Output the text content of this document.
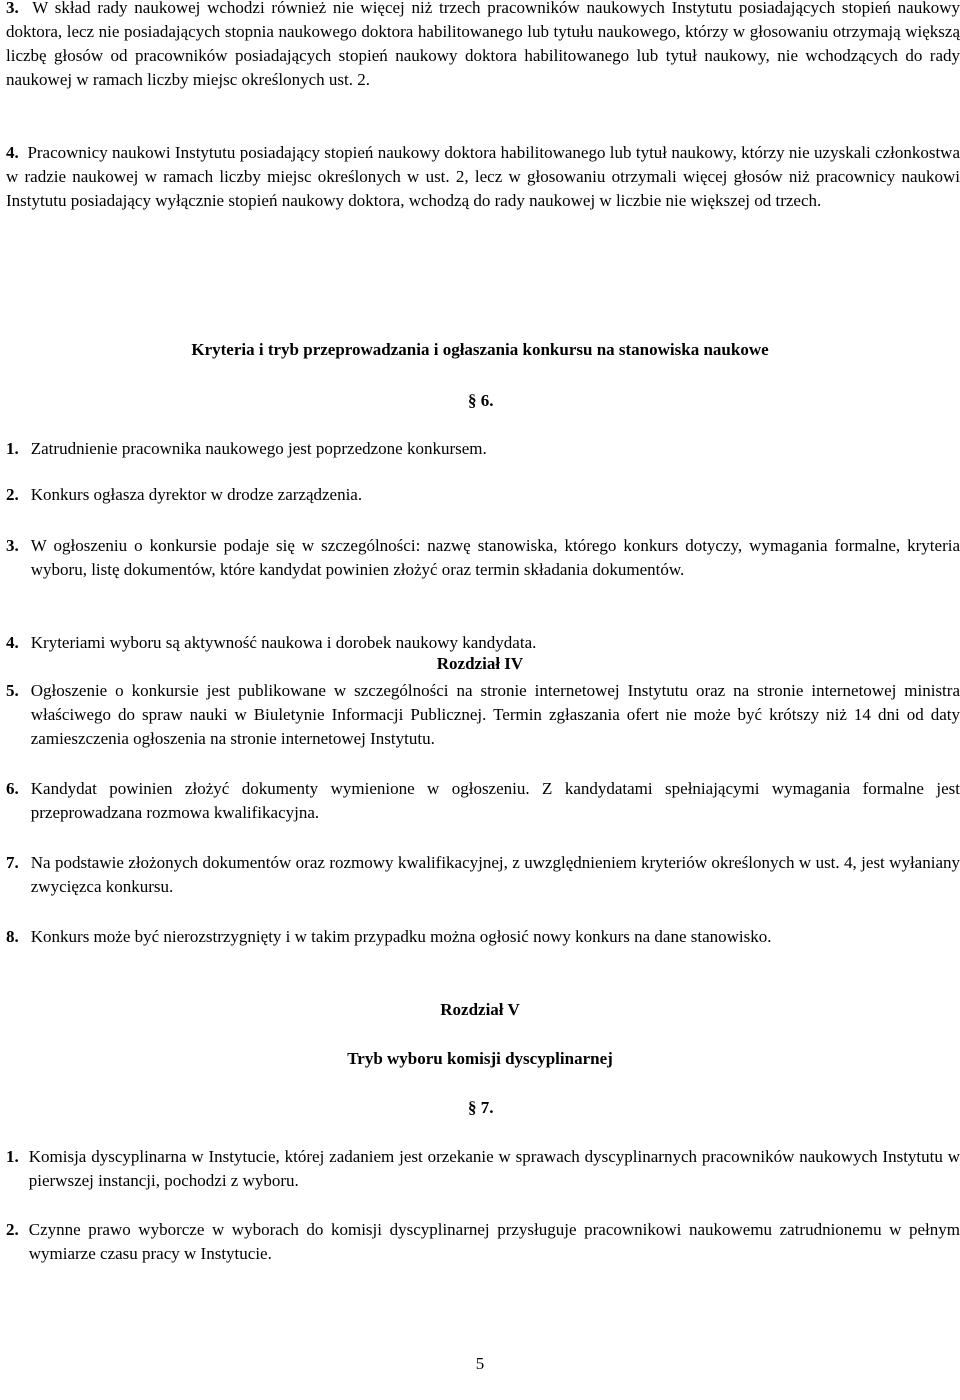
3. W skład rady naukowej wchodzi również nie więcej niż trzech pracowników naukowych Instytutu posiadających stopień naukowy doktora, lecz nie posiadających stopnia naukowego doktora habilitowanego lub tytułu naukowego, którzy w głosowaniu otrzymają większą liczbę głosów od pracowników posiadających stopień naukowy doktora habilitowanego lub tytuł naukowy, nie wchodzących do rady naukowej w ramach liczby miejsc określonych ust. 2.
4. Pracownicy naukowi Instytutu posiadający stopień naukowy doktora habilitowanego lub tytuł naukowy, którzy nie uzyskali członkostwa w radzie naukowej w ramach liczby miejsc określonych w ust. 2, lecz w głosowaniu otrzymali więcej głosów niż pracownicy naukowi Instytutu posiadający wyłącznie stopień naukowy doktora, wchodzą do rady naukowej w liczbie nie większej od trzech.
Rozdział IV
Kryteria i tryb przeprowadzania i ogłaszania konkursu na stanowiska naukowe
§ 6.
1. Zatrudnienie pracownika naukowego jest poprzedzone konkursem.
2. Konkurs ogłasza dyrektor w drodze zarządzenia.
3. W ogłoszeniu o konkursie podaje się w szczególności: nazwę stanowiska, którego konkurs dotyczy, wymagania formalne, kryteria wyboru, listę dokumentów, które kandydat powinien złożyć oraz termin składania dokumentów.
4. Kryteriami wyboru są aktywność naukowa i dorobek naukowy kandydata.
5. Ogłoszenie o konkursie jest publikowane w szczególności na stronie internetowej Instytutu oraz na stronie internetowej ministra właściwego do spraw nauki w Biuletynie Informacji Publicznej. Termin zgłaszania ofert nie może być krótszy niż 14 dni od daty zamieszczenia ogłoszenia na stronie internetowej Instytutu.
6. Kandydat powinien złożyć dokumenty wymienione w ogłoszeniu. Z kandydatami spełniającymi wymagania formalne jest przeprowadzana rozmowa kwalifikacyjna.
7. Na podstawie złożonych dokumentów oraz rozmowy kwalifikacyjnej, z uwzględnieniem kryteriów określonych w ust. 4, jest wyłaniany zwycięzca konkursu.
8. Konkurs może być nierozstrzygnięty i w takim przypadku można ogłosić nowy konkurs na dane stanowisko.
Rozdział V
Tryb wyboru komisji dyscyplinarnej
§ 7.
1. Komisja dyscyplinarna w Instytucie, której zadaniem jest orzekanie w sprawach dyscyplinarnych pracowników naukowych Instytutu w pierwszej instancji, pochodzi z wyboru.
2. Czynne prawo wyborcze w wyborach do komisji dyscyplinarnej przysługuje pracownikowi naukowemu zatrudnionemu w pełnym wymiarze czasu pracy w Instytucie.
5
